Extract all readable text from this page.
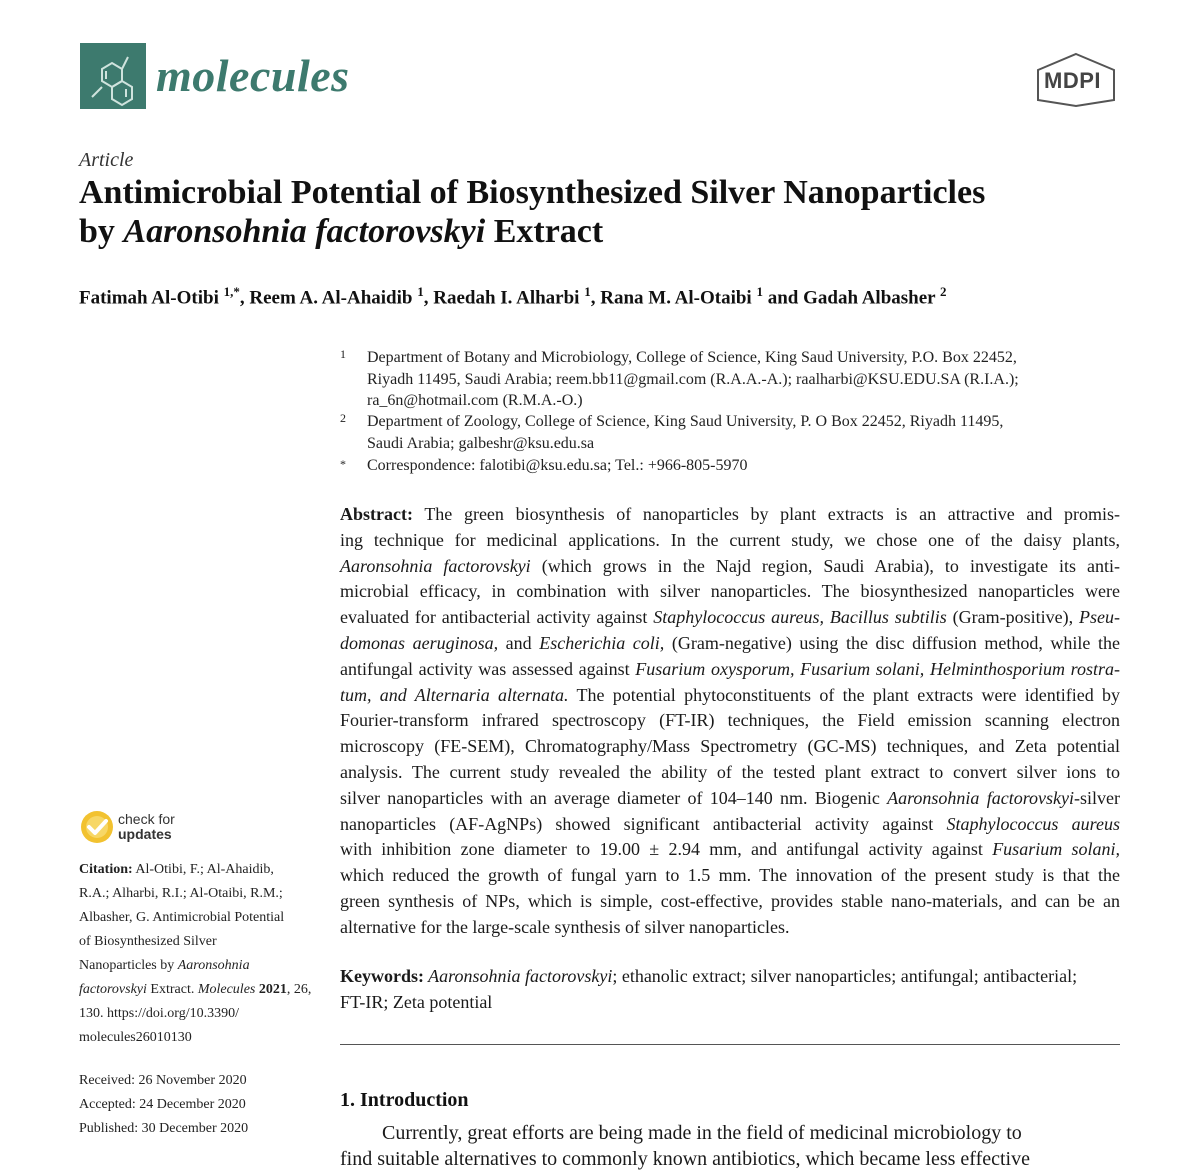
molecules	MDPI
Article
Antimicrobial Potential of Biosynthesized Silver Nanoparticles
by Aaronsohnia factorovskyi Extract
Fatimah Al-Otibi $^{1,*}$, Reem A. Al-Ahaidib $^1$, Raedah I. Alharbi $^1$, Rana M. Al-Otaibi $^1$ and Gadah Albasher $^2$
1 Department of Botany and Microbiology, College of Science, King Saud University, P.O. Box 22452,
Riyadh 11495, Saudi Arabia; reem.bb11@gmail.com (R.A.A.-A.); raalharbi@KSU.EDU.SA (R.I.A.);
ra_6n@hotmail.com (R.M.A.-O.)
2 Department of Zoology, College of Science, King Saud University, P. O Box 22452, Riyadh 11495,
Saudi Arabia; galbeshr@ksu.edu.sa
* Correspondence: falotibi@ksu.edu.sa; Tel.: +966-805-5970
check for
updates
Citation: Al-Otibi, F.; Al-Ahaidib,
R.A.; Alharbi, R.I.; Al-Otaibi, R.M.;
Albasher, G. Antimicrobial Potential
of Biosynthesized Silver
Nanoparticles by Aaronsohnia
factorovskyi Extract. Molecules 2021, 26,
130. https://doi.org/10.3390/
molecules26010130
Received: 26 November 2020
Accepted: 24 December 2020
Published: 30 December 2020
Abstract: The green biosynthesis of nanoparticles by plant extracts is an attractive and promis-
ing technique for medicinal applications. In the current study, we chose one of the daisy plants,
Aaronsohnia factorovskyi (which grows in the Najd region, Saudi Arabia), to investigate its anti-
microbial efficacy, in combination with silver nanoparticles. The biosynthesized nanoparticles were
evaluated for antibacterial activity against Staphylococcus aureus, Bacillus subtilis (Gram-positive), Pseu-
domonas aeruginosa, and Escherichia coli, (Gram-negative) using the disc diffusion method, while the
antifungal activity was assessed against Fusarium oxysporum, Fusarium solani, Helminthosporium rostra-
tum, and Alternaria alternata. The potential phytoconstituents of the plant extracts were identified by
Fourier-transform infrared spectroscopy (FT-IR) techniques, the Field emission scanning electron
microscopy (FE-SEM), Chromatography/Mass Spectrometry (GC-MS) techniques, and Zeta potential
analysis. The current study revealed the ability of the tested plant extract to convert silver ions to
silver nanoparticles with an average diameter of 104–140 nm. Biogenic Aaronsohnia factorovskyi-silver
nanoparticles (AF-AgNPs) showed significant antibacterial activity against Staphylococcus aureus
with inhibition zone diameter to 19.00 ± 2.94 mm, and antifungal activity against Fusarium solani,
which reduced the growth of fungal yarn to 1.5 mm. The innovation of the present study is that the
green synthesis of NPs, which is simple, cost-effective, provides stable nano-materials, and can be an
alternative for the large-scale synthesis of silver nanoparticles.
Keywords: Aaronsohnia factorovskyi; ethanolic extract; silver nanoparticles; antifungal; antibacterial;
FT-IR; Zeta potential
1. Introduction
Currently, great efforts are being made in the field of medicinal microbiology to
find suitable alternatives to commonly known antibiotics, which became less effective
